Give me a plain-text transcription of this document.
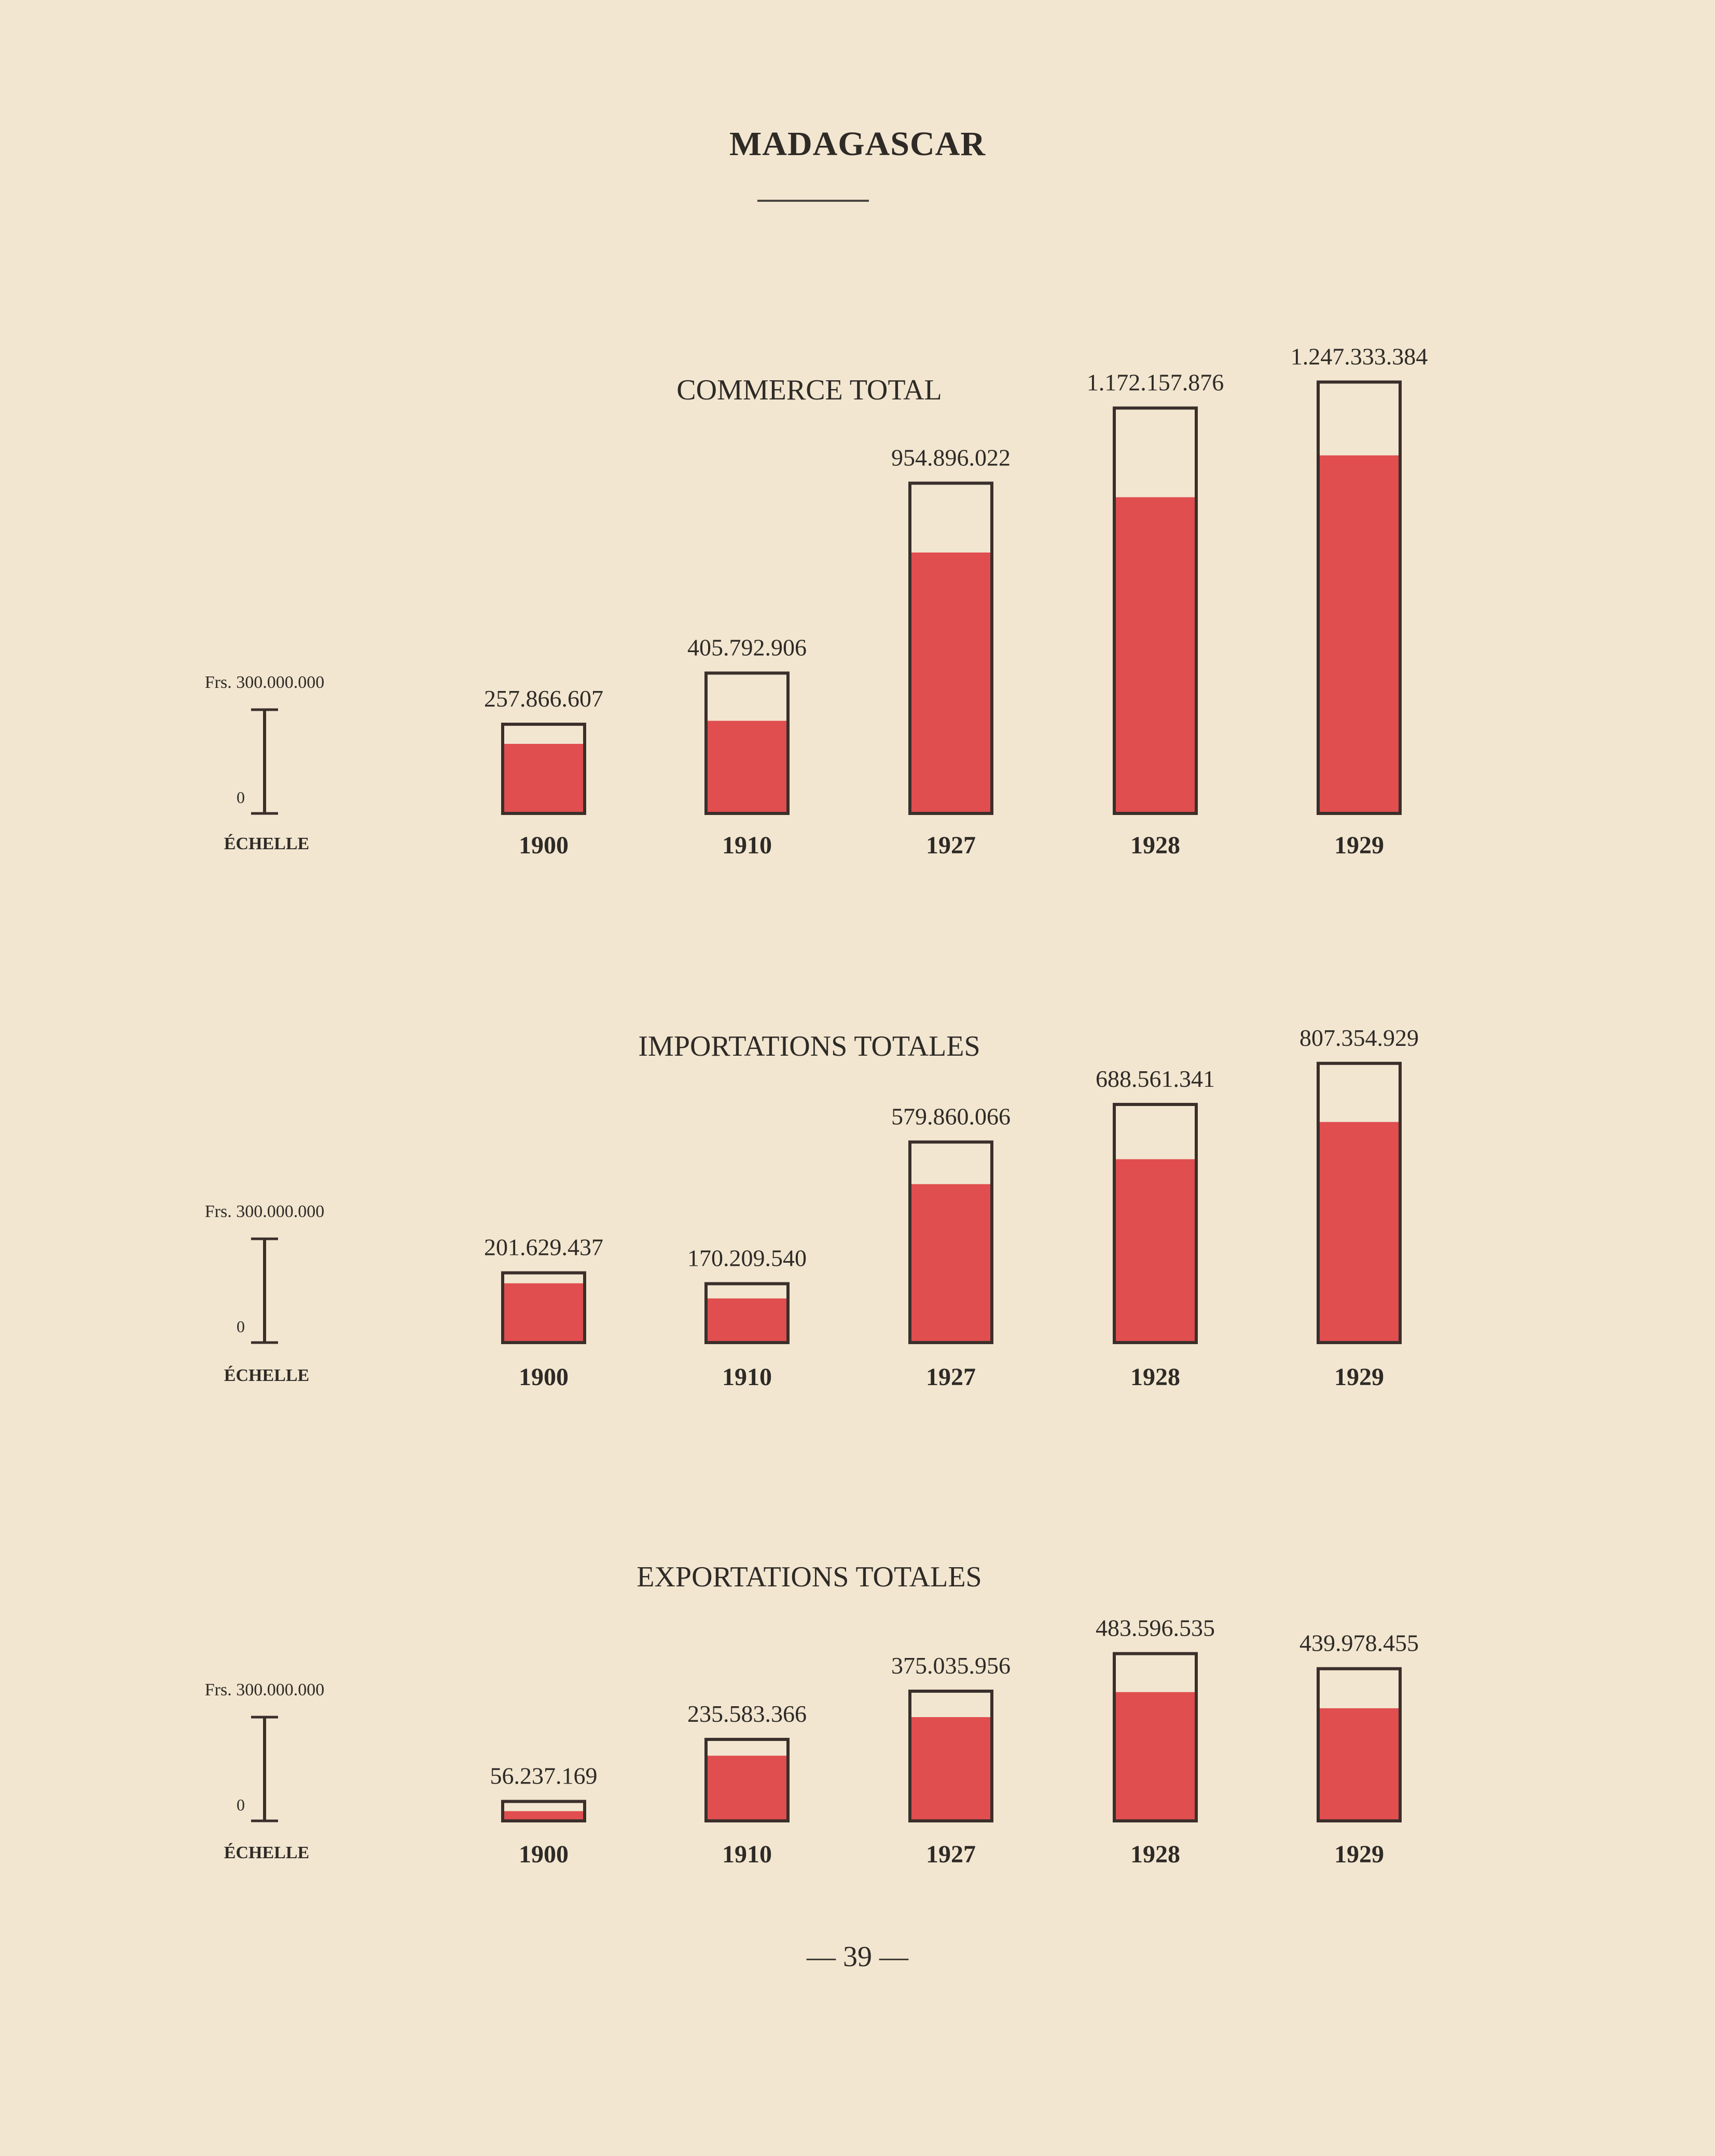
MADAGASCAR
COMMERCE TOTAL
Frs. 300.000.000
0
ÉCHELLE
257.866.607
1900
405.792.906
1910
954.896.022
1927
1.172.157.876
1928
1.247.333.384
1929
IMPORTATIONS TOTALES
Frs. 300.000.000
0
ÉCHELLE
201.629.437
1900
170.209.540
1910
579.860.066
1927
688.561.341
1928
807.354.929
1929
EXPORTATIONS TOTALES
Frs. 300.000.000
0
ÉCHELLE
56.237.169
1900
235.583.366
1910
375.035.956
1927
483.596.535
1928
439.978.455
1929
— 39 —
